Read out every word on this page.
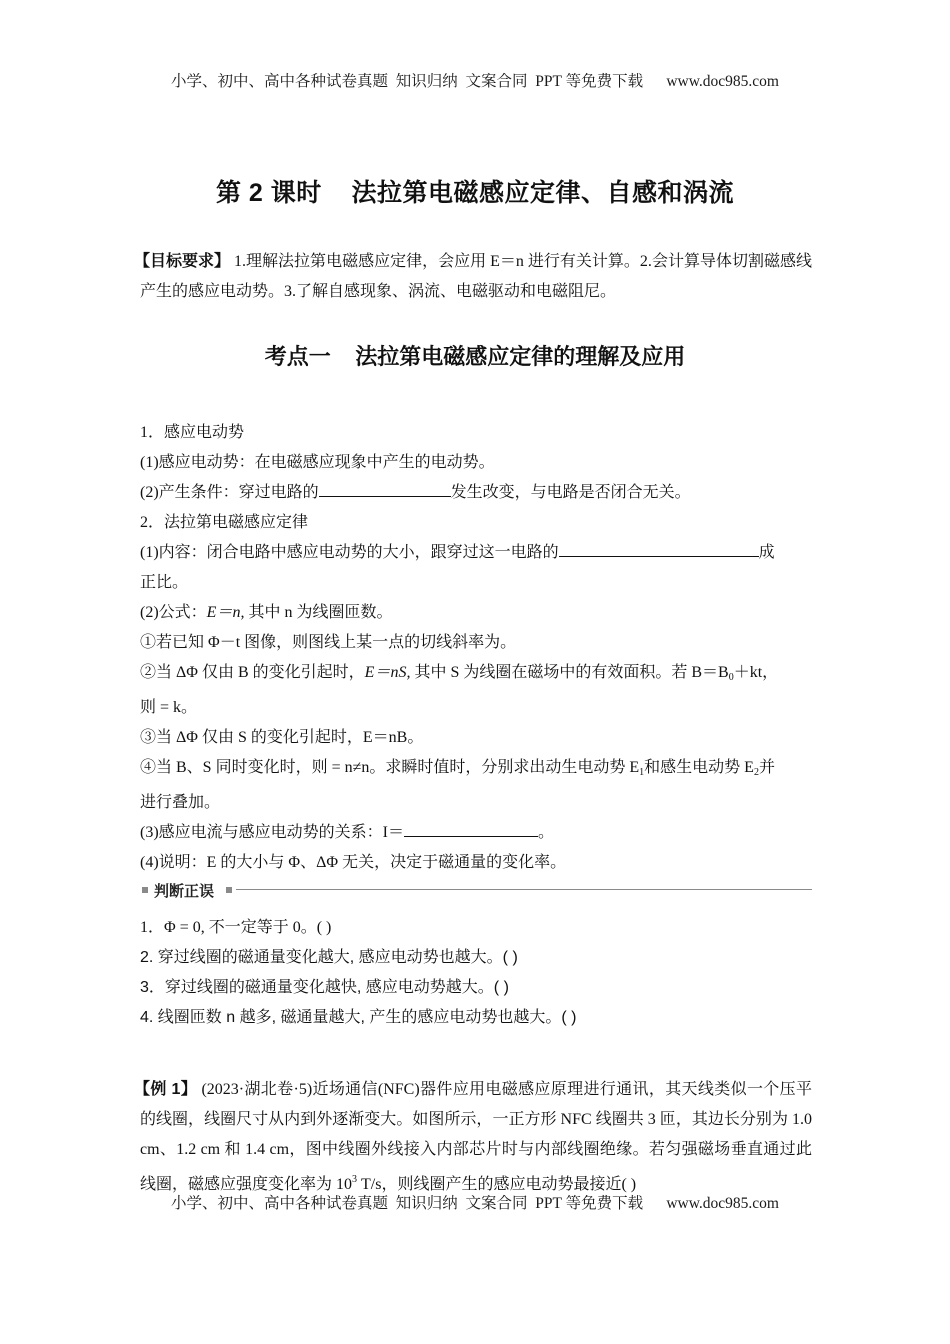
小学、初中、高中各种试卷真题  知识归纳  文案合同  PPT 等免费下载 www.doc985.com
第 2 课时    法拉第电磁感应定律、自感和涡流
【目标要求】 1.理解法拉第电磁感应定律，会应用 E＝n 进行有关计算。2.会计算导体切割磁感线产生的感应电动势。3.了解自感现象、涡流、电磁驱动和电磁阻尼。
考点一    法拉第电磁感应定律的理解及应用
1．感应电动势
(1)感应电动势：在电磁感应现象中产生的电动势。
(2)产生条件：穿过电路的	发生改变，与电路是否闭合无关。
2．法拉第电磁感应定律
(1)内容：闭合电路中感应电动势的大小，跟穿过这一电路的	成
正比。
(2)公式：E＝n, 其中 n 为线圈匝数。
①若已知 Φ－t 图像，则图线上某一点的切线斜率为。
②当 ΔΦ 仅由 B 的变化引起时，E＝nS, 其中 S 为线圈在磁场中的有效面积。若 $B=B_0+kt$，
则 = k。
③当 ΔΦ 仅由 S 的变化引起时，E＝nB。
④当 B、S 同时变化时，则 = n≠n。求瞬时值时，分别求出动生电动势 $E_1$和感生电动势 $E_2$并
进行叠加。
(3)感应电流与感应电动势的关系：I＝	。
(4)说明：E 的大小与 Φ、ΔΦ 无关，决定于磁通量的变化率。
判断正误
1．Φ = 0, 不一定等于 0。( )
2. 穿过线圈的磁通量变化越大, 感应电动势也越大。( )
3．穿过线圈的磁通量变化越快, 感应电动势越大。( )
4. 线圈匝数 n 越多, 磁通量越大, 产生的感应电动势也越大。( )
【例 1】 (2023·湖北卷·5)近场通信(NFC)器件应用电磁感应原理进行通讯，其天线类似一个压平的线圈，线圈尺寸从内到外逐渐变大。如图所示，一正方形 NFC 线圈共 3 匝，其边长分别为 1.0 cm、1.2 cm 和 1.4 cm，图中线圈外线接入内部芯片时与内部线圈绝缘。若匀强磁场垂直通过此线圈，磁感应强度变化率为 $10^3$ T/s，则线圈产生的感应电动势最接近( )
小学、初中、高中各种试卷真题  知识归纳  文案合同  PPT 等免费下载 www.doc985.com
